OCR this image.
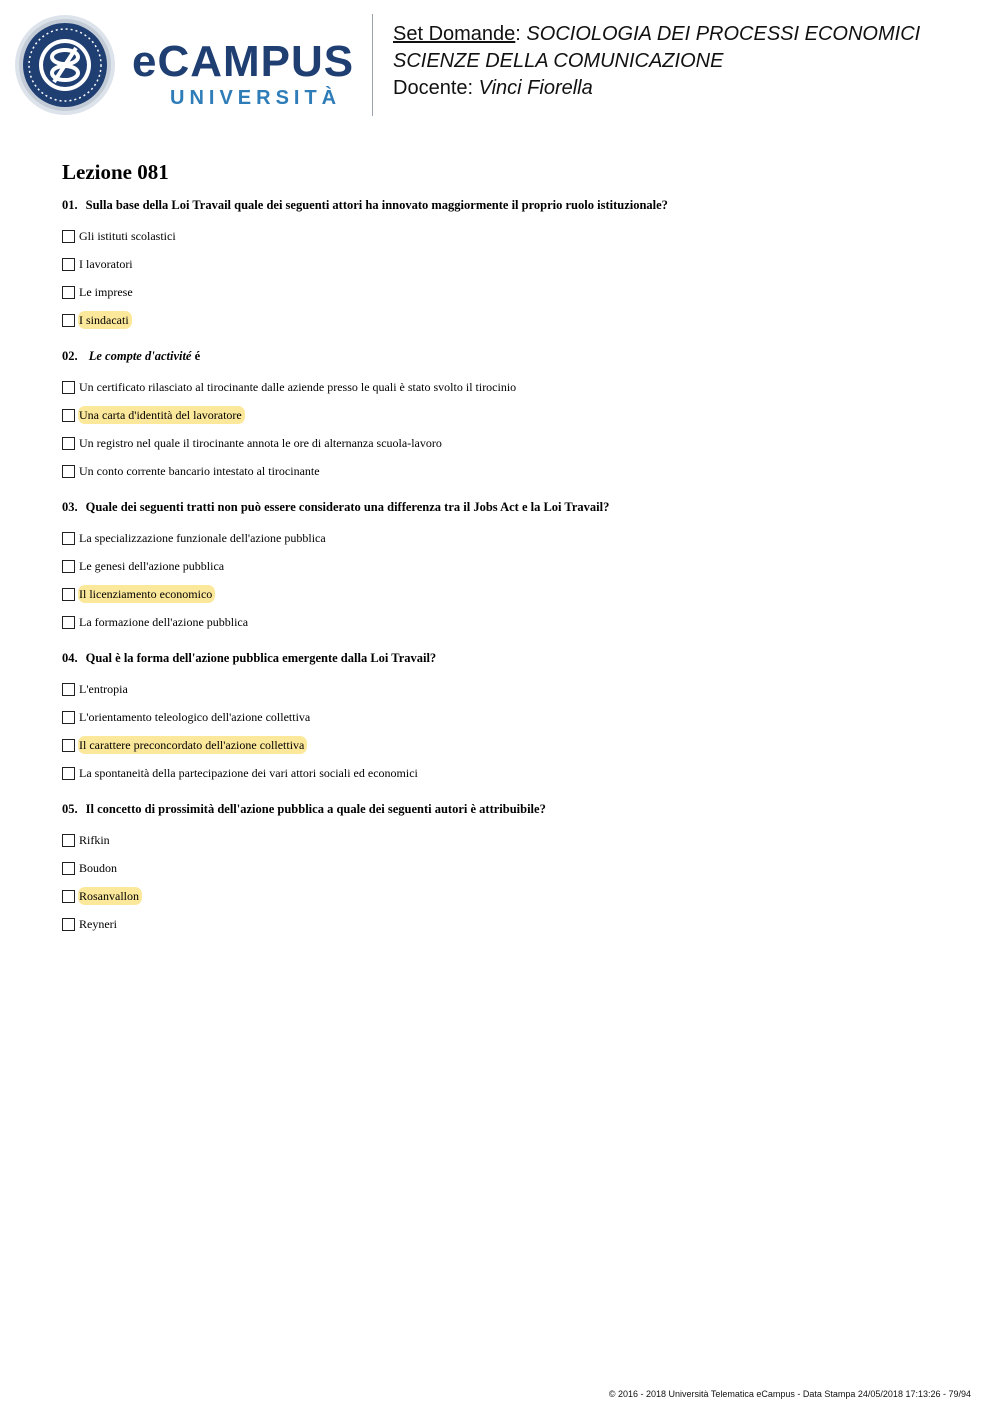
eCAMPUS
UNIVERSITÀ
Set Domande: SOCIOLOGIA DEI PROCESSI ECONOMICI
SCIENZE DELLA COMUNICAZIONE
Docente: Vinci Fiorella
Lezione 081
01. Sulla base della Loi Travail quale dei seguenti attori ha innovato maggiormente il proprio ruolo istituzionale?
Gli istituti scolastici
I lavoratori
Le imprese
I sindacati
02. Le compte d'activité é
Un certificato rilasciato al tirocinante dalle aziende presso le quali è stato svolto il tirocinio
Una carta d'identità del lavoratore
Un registro nel quale il tirocinante annota le ore di alternanza scuola-lavoro
Un conto corrente bancario intestato al tirocinante
03. Quale dei seguenti tratti non può essere considerato una differenza tra il Jobs Act e la Loi Travail?
La specializzazione funzionale dell'azione pubblica
Le genesi dell'azione pubblica
Il licenziamento economico
La formazione dell'azione pubblica
04. Qual è la forma dell'azione pubblica emergente dalla Loi Travail?
L'entropia
L'orientamento teleologico dell'azione collettiva
Il carattere preconcordato dell'azione collettiva
La spontaneità della partecipazione dei vari attori sociali ed economici
05. Il concetto di prossimità dell'azione pubblica a quale dei seguenti autori è attribuibile?
Rifkin
Boudon
Rosanvallon
Reyneri
© 2016 - 2018 Università Telematica eCampus - Data Stampa 24/05/2018 17:13:26 - 79/94
